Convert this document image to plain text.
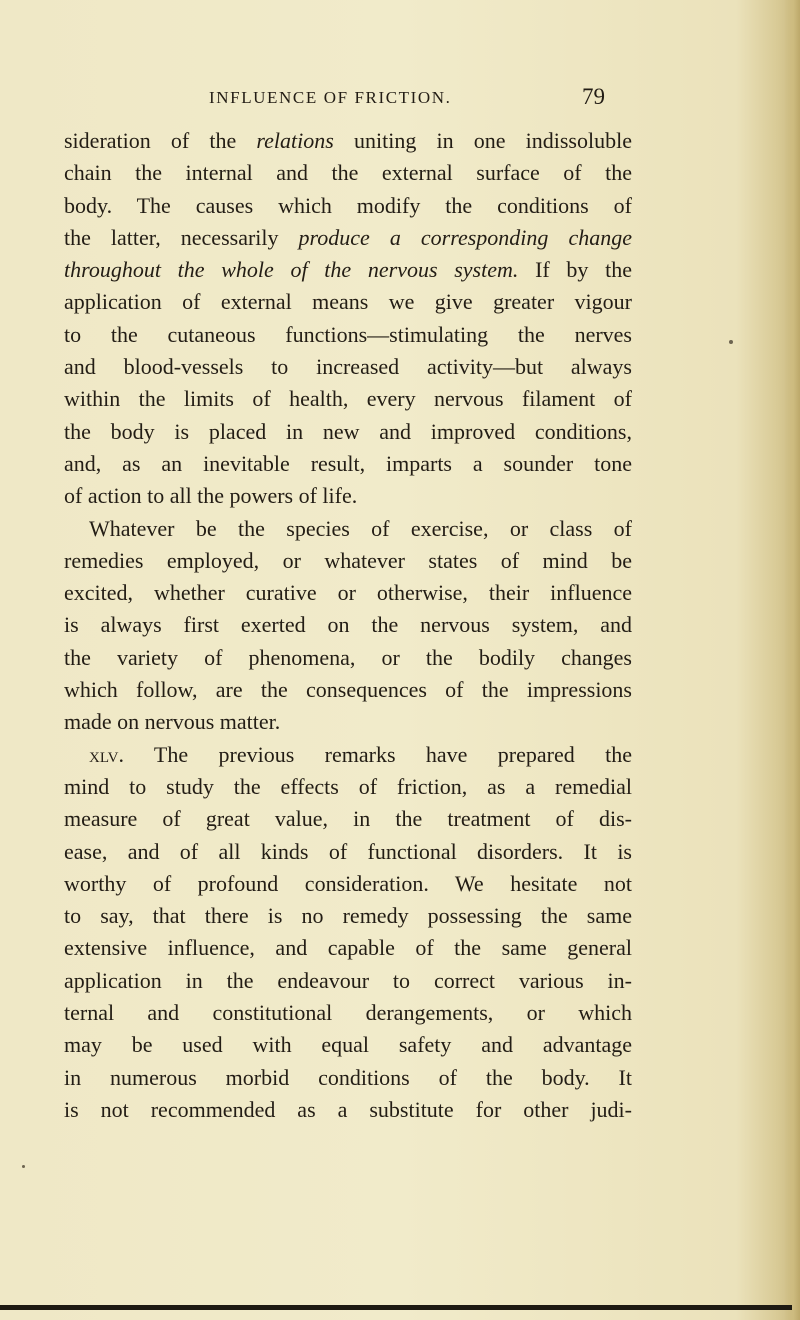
INFLUENCE OF FRICTION.	79
sideration of the relations uniting in one indissoluble
chain the internal and the external surface of the
body. The causes which modify the conditions of
the latter, necessarily produce a corresponding change
throughout the whole of the nervous system. If by the
application of external means we give greater vigour
to the cutaneous functions—stimulating the nerves
and blood-vessels to increased activity—but always
within the limits of health, every nervous filament of
the body is placed in new and improved conditions,
and, as an inevitable result, imparts a sounder tone
of action to all the powers of life.
Whatever be the species of exercise, or class of
remedies employed, or whatever states of mind be
excited, whether curative or otherwise, their influence
is always first exerted on the nervous system, and
the variety of phenomena, or the bodily changes
which follow, are the consequences of the impressions
made on nervous matter.
xlv. The previous remarks have prepared the
mind to study the effects of friction, as a remedial
measure of great value, in the treatment of dis-
ease, and of all kinds of functional disorders. It is
worthy of profound consideration. We hesitate not
to say, that there is no remedy possessing the same
extensive influence, and capable of the same general
application in the endeavour to correct various in-
ternal and constitutional derangements, or which
may be used with equal safety and advantage
in numerous morbid conditions of the body. It
is not recommended as a substitute for other judi-
